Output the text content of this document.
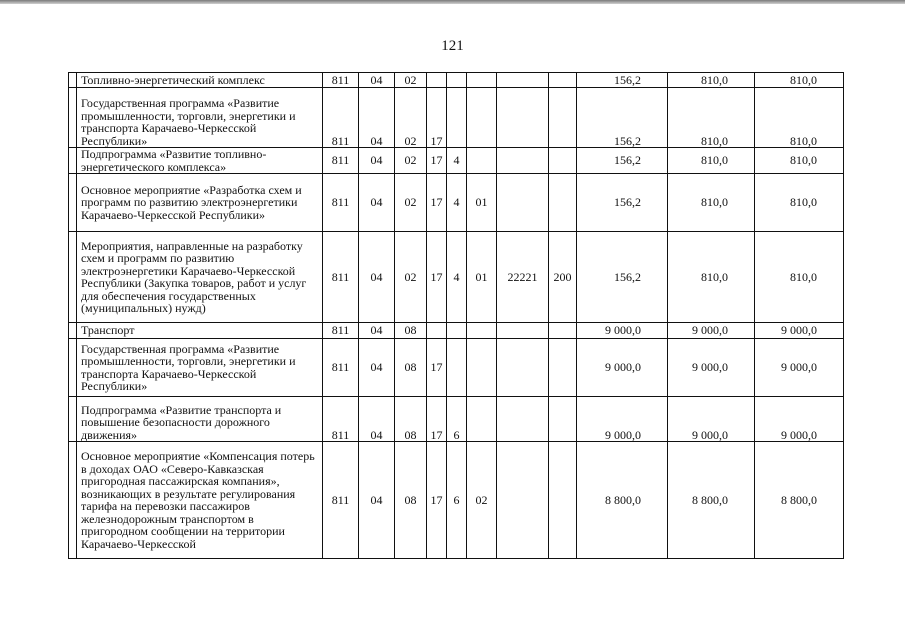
121
	Топливно-энергетический комплекс	811	04	02						156,2	810,0	810,0
	Государственная программа «Развитие промышленности, торговли, энергетики и транспорта Карачаево-Черкесской Республики»	811	04	02	17					156,2	810,0	810,0
	Подпрограмма «Развитие топливно-энергетического комплекса»	811	04	02	17	4				156,2	810,0	810,0
	Основное мероприятие «Разработка схем и программ по развитию электроэнергетики Карачаево-Черкесской Республики»	811	04	02	17	4	01			156,2	810,0	810,0
	Мероприятия, направленные на разработку схем и программ по развитию электроэнергетики Карачаево-Черкесской Республики (Закупка товаров, работ и услуг для обеспечения государственных (муниципальных) нужд)	811	04	02	17	4	01	22221	200	156,2	810,0	810,0
	Транспорт	811	04	08						9 000,0	9 000,0	9 000,0
	Государственная программа «Развитие промышленности, торговли, энергетики и транспорта Карачаево-Черкесской Республики»	811	04	08	17					9 000,0	9 000,0	9 000,0
	Подпрограмма «Развитие транспорта и повышение безопасности дорожного движения»	811	04	08	17	6				9 000,0	9 000,0	9 000,0
	Основное мероприятие «Компенсация потерь в доходах ОАО «Северо-Кавказская пригородная пассажирская компания», возникающих в результате регулирования тарифа на перевозки пассажиров железнодорожным транспортом в пригородном сообщении на территории Карачаево-Черкесской	811	04	08	17	6	02			8 800,0	8 800,0	8 800,0
